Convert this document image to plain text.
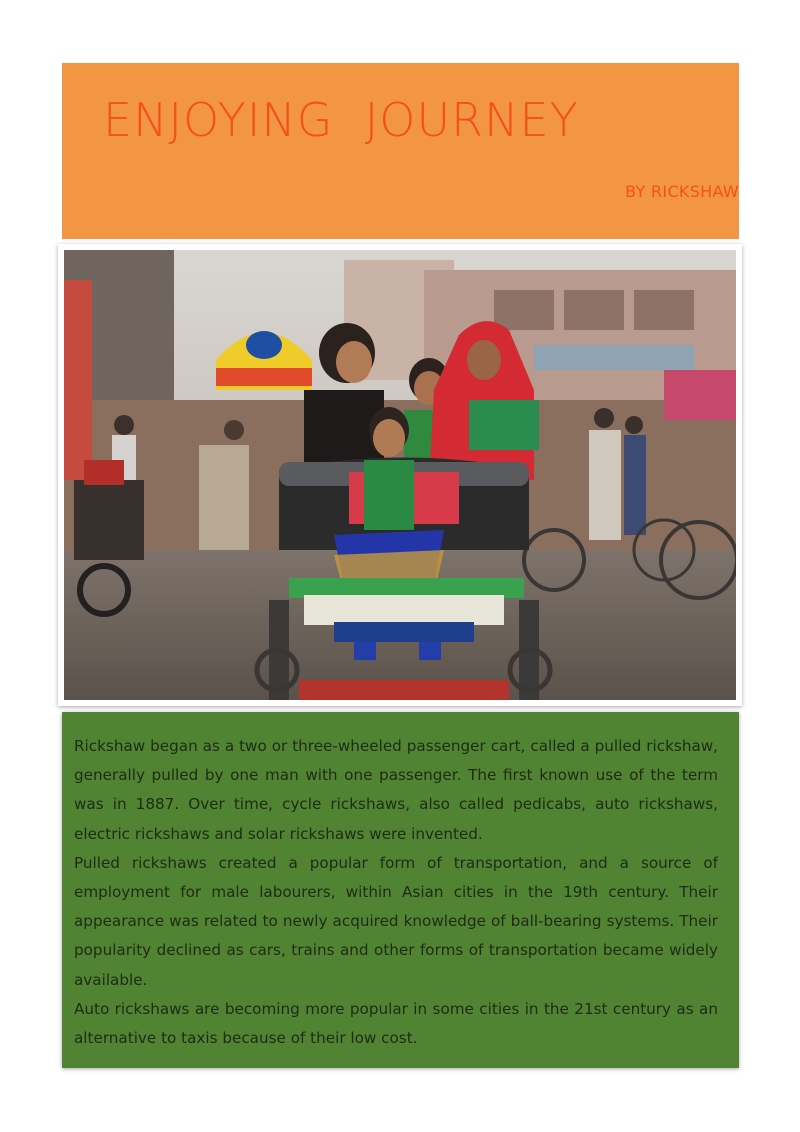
ENJOYING  JOURNEY
BY RICKSHAW

Rickshaw began as a two or three-wheeled passenger cart, called a pulled rickshaw, generally pulled by one man with one passenger. The first known use of the term was in 1887. Over time, cycle rickshaws, also called pedicabs, auto rickshaws, electric rickshaws and solar rickshaws were invented.

Pulled rickshaws created a popular form of transportation, and a source of employment for male labourers, within Asian cities in the 19th century. Their appearance was related to newly acquired knowledge of ball-bearing systems. Their popularity declined as cars, trains and other forms of transportation became widely available.

Auto rickshaws are becoming more popular in some cities in the 21st century as an alternative to taxis because of their low cost.
